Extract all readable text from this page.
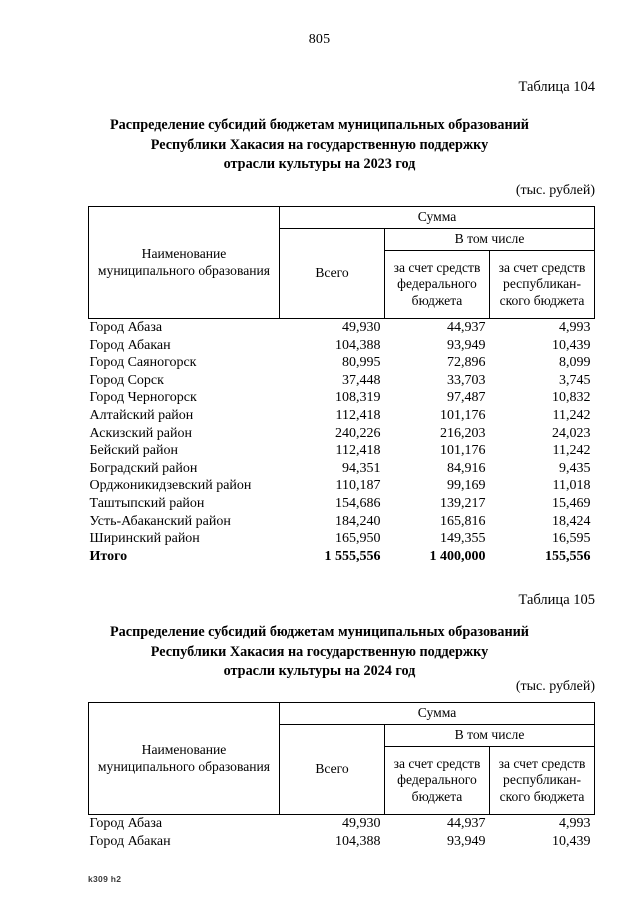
805
Таблица 104
Распределение субсидий бюджетам муниципальных образований
Республики Хакасия на государственную поддержку
отрасли культуры на 2023 год
(тыс. рублей)
Наименование муниципального образования	Сумма		
	Всего	В том числе	
		за счет средств федерального бюджета	за счет средств республикан- ского бюджета
Город Абаза	49,930	44,937	4,993
Город Абакан	104,388	93,949	10,439
Город Саяногорск	80,995	72,896	8,099
Город Сорск	37,448	33,703	3,745
Город Черногорск	108,319	97,487	10,832
Алтайский район	112,418	101,176	11,242
Аскизский район	240,226	216,203	24,023
Бейский район	112,418	101,176	11,242
Боградский район	94,351	84,916	9,435
Орджоникидзевский район	110,187	99,169	11,018
Таштыпский район	154,686	139,217	15,469
Усть-Абаканский район	184,240	165,816	18,424
Ширинский район	165,950	149,355	16,595
Итого	1 555,556	1 400,000	155,556
Таблица 105
Распределение субсидий бюджетам муниципальных образований
Республики Хакасия на государственную поддержку
отрасли культуры на 2024 год
(тыс. рублей)
Наименование муниципального образования	Сумма		
	Всего	В том числе	
		за счет средств федерального бюджета	за счет средств республикан- ского бюджета
Город Абаза	49,930	44,937	4,993
Город Абакан	104,388	93,949	10,439
k309 h2
